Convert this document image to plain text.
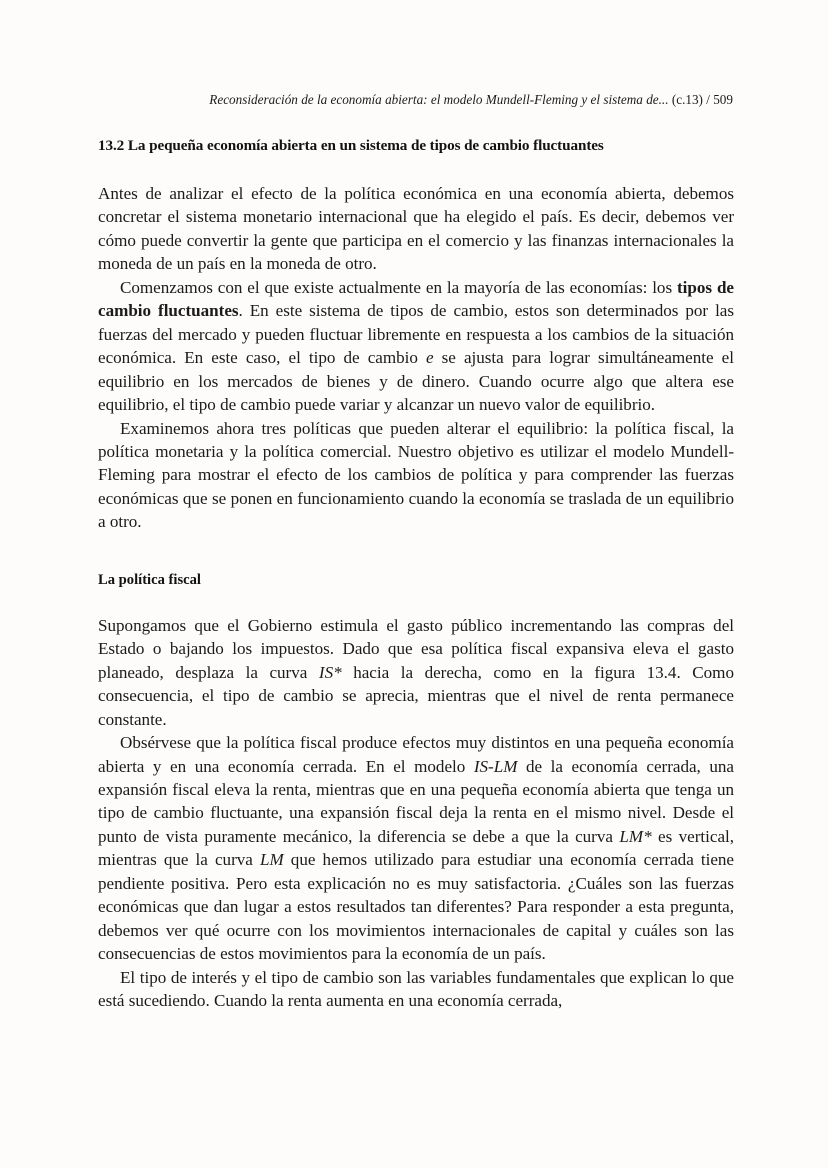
Reconsideración de la economía abierta: el modelo Mundell-Fleming y el sistema de... (c.13) / 509
13.2 La pequeña economía abierta en un sistema de tipos de cambio fluctuantes

Antes de analizar el efecto de la política económica en una economía abierta, debemos concretar el sistema monetario internacional que ha elegido el país. Es decir, debemos ver cómo puede convertir la gente que participa en el comercio y las finanzas internacionales la moneda de un país en la moneda de otro.

Comenzamos con el que existe actualmente en la mayoría de las economías: los tipos de cambio fluctuantes. En este sistema de tipos de cambio, estos son determinados por las fuerzas del mercado y pueden fluctuar libremente en respuesta a los cambios de la situación económica. En este caso, el tipo de cambio e se ajusta para lograr simultáneamente el equilibrio en los mercados de bienes y de dinero. Cuando ocurre algo que altera ese equilibrio, el tipo de cambio puede variar y alcanzar un nuevo valor de equilibrio.

Examinemos ahora tres políticas que pueden alterar el equilibrio: la política fiscal, la política monetaria y la política comercial. Nuestro objetivo es utilizar el modelo Mundell-Fleming para mostrar el efecto de los cambios de política y para comprender las fuerzas económicas que se ponen en funcionamiento cuando la economía se traslada de un equilibrio a otro.

La política fiscal

Supongamos que el Gobierno estimula el gasto público incrementando las compras del Estado o bajando los impuestos. Dado que esa política fiscal expansiva eleva el gasto planeado, desplaza la curva IS* hacia la derecha, como en la figura 13.4. Como consecuencia, el tipo de cambio se aprecia, mientras que el nivel de renta permanece constante.

Obsérvese que la política fiscal produce efectos muy distintos en una pequeña economía abierta y en una economía cerrada. En el modelo IS-LM de la economía cerrada, una expansión fiscal eleva la renta, mientras que en una pequeña economía abierta que tenga un tipo de cambio fluctuante, una expansión fiscal deja la renta en el mismo nivel. Desde el punto de vista puramente mecánico, la diferencia se debe a que la curva LM* es vertical, mientras que la curva LM que hemos utilizado para estudiar una economía cerrada tiene pendiente positiva. Pero esta explicación no es muy satisfactoria. ¿Cuáles son las fuerzas económicas que dan lugar a estos resultados tan diferentes? Para responder a esta pregunta, debemos ver qué ocurre con los movimientos internacionales de capital y cuáles son las consecuencias de estos movimientos para la economía de un país.

El tipo de interés y el tipo de cambio son las variables fundamentales que explican lo que está sucediendo. Cuando la renta aumenta en una economía cerrada,
